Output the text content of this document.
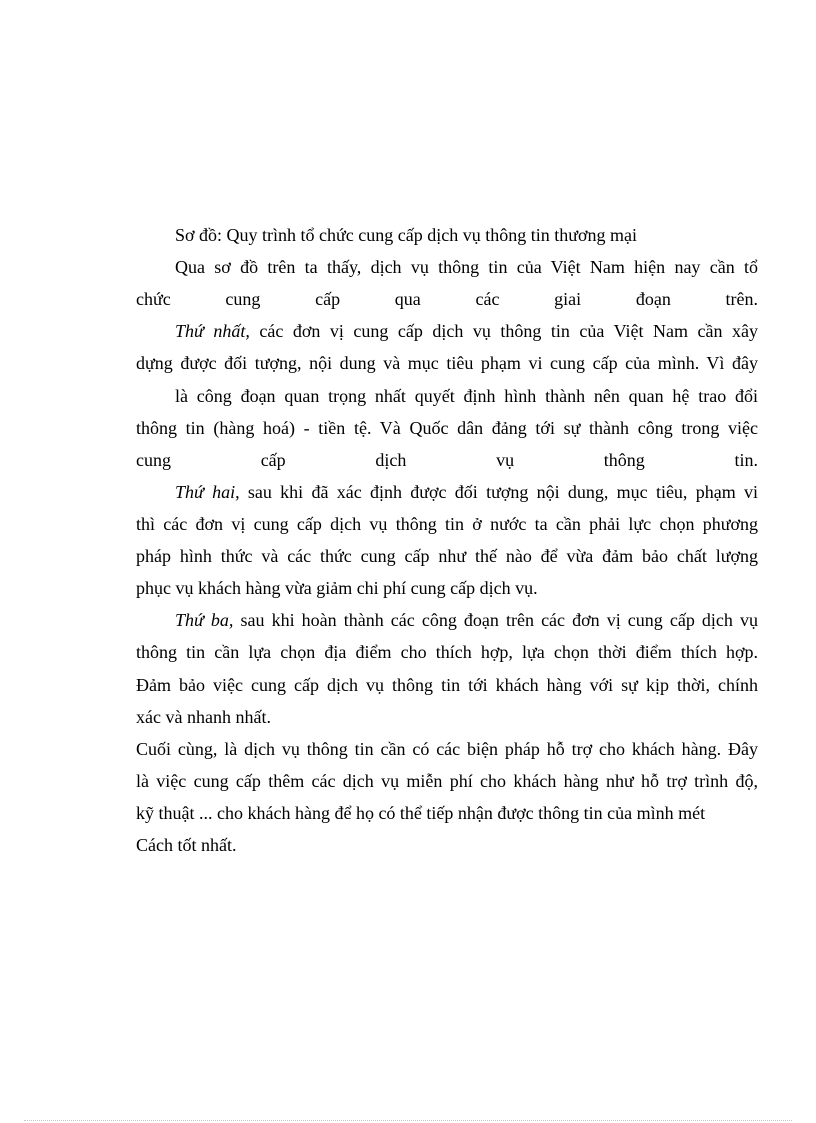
Sơ đồ: Quy trình tổ chức cung cấp dịch vụ thông tin thương mại
Qua sơ đồ trên ta thấy, dịch vụ thông tin của Việt Nam hiện nay cần tổ
chức cung cấp qua các giai đoạn trên.
Thứ nhất, các đơn vị cung cấp dịch vụ thông tin của Việt Nam cần xây
dựng được đối tượng, nội dung và mục tiêu phạm vi cung cấp của mình. Vì đây
là công đoạn quan trọng nhất quyết định hình thành nên quan hệ trao đổi
thông tin (hàng hoá) - tiền tệ. Và Quốc dân đảng tới sự thành công trong việc
cung cấp dịch vụ thông tin.
Thứ hai, sau khi đã xác định được đối tượng nội dung, mục tiêu, phạm vi
thì các đơn vị cung cấp dịch vụ thông tin ở nước ta cần phải lực chọn phương
pháp hình thức và các thức cung cấp như thế nào để vừa đảm bảo chất lượng
phục vụ khách hàng vừa giảm chi phí cung cấp dịch vụ.
Thứ ba, sau khi hoàn thành các công đoạn trên các đơn vị cung cấp dịch vụ
thông tin cần lựa chọn địa điểm cho thích hợp, lựa chọn thời điểm thích hợp.
Đảm bảo việc cung cấp dịch vụ thông tin tới khách hàng với sự kịp thời, chính
xác và nhanh nhất.
Cuối cùng, là dịch vụ thông tin cần có các biện pháp hỗ trợ cho khách hàng. Đây
là việc cung cấp thêm các dịch vụ miễn phí cho khách hàng như hỗ trợ trình độ,
kỹ thuật ... cho khách hàng để họ có thể tiếp nhận được thông tin của mình mét
Cách tốt nhất.
